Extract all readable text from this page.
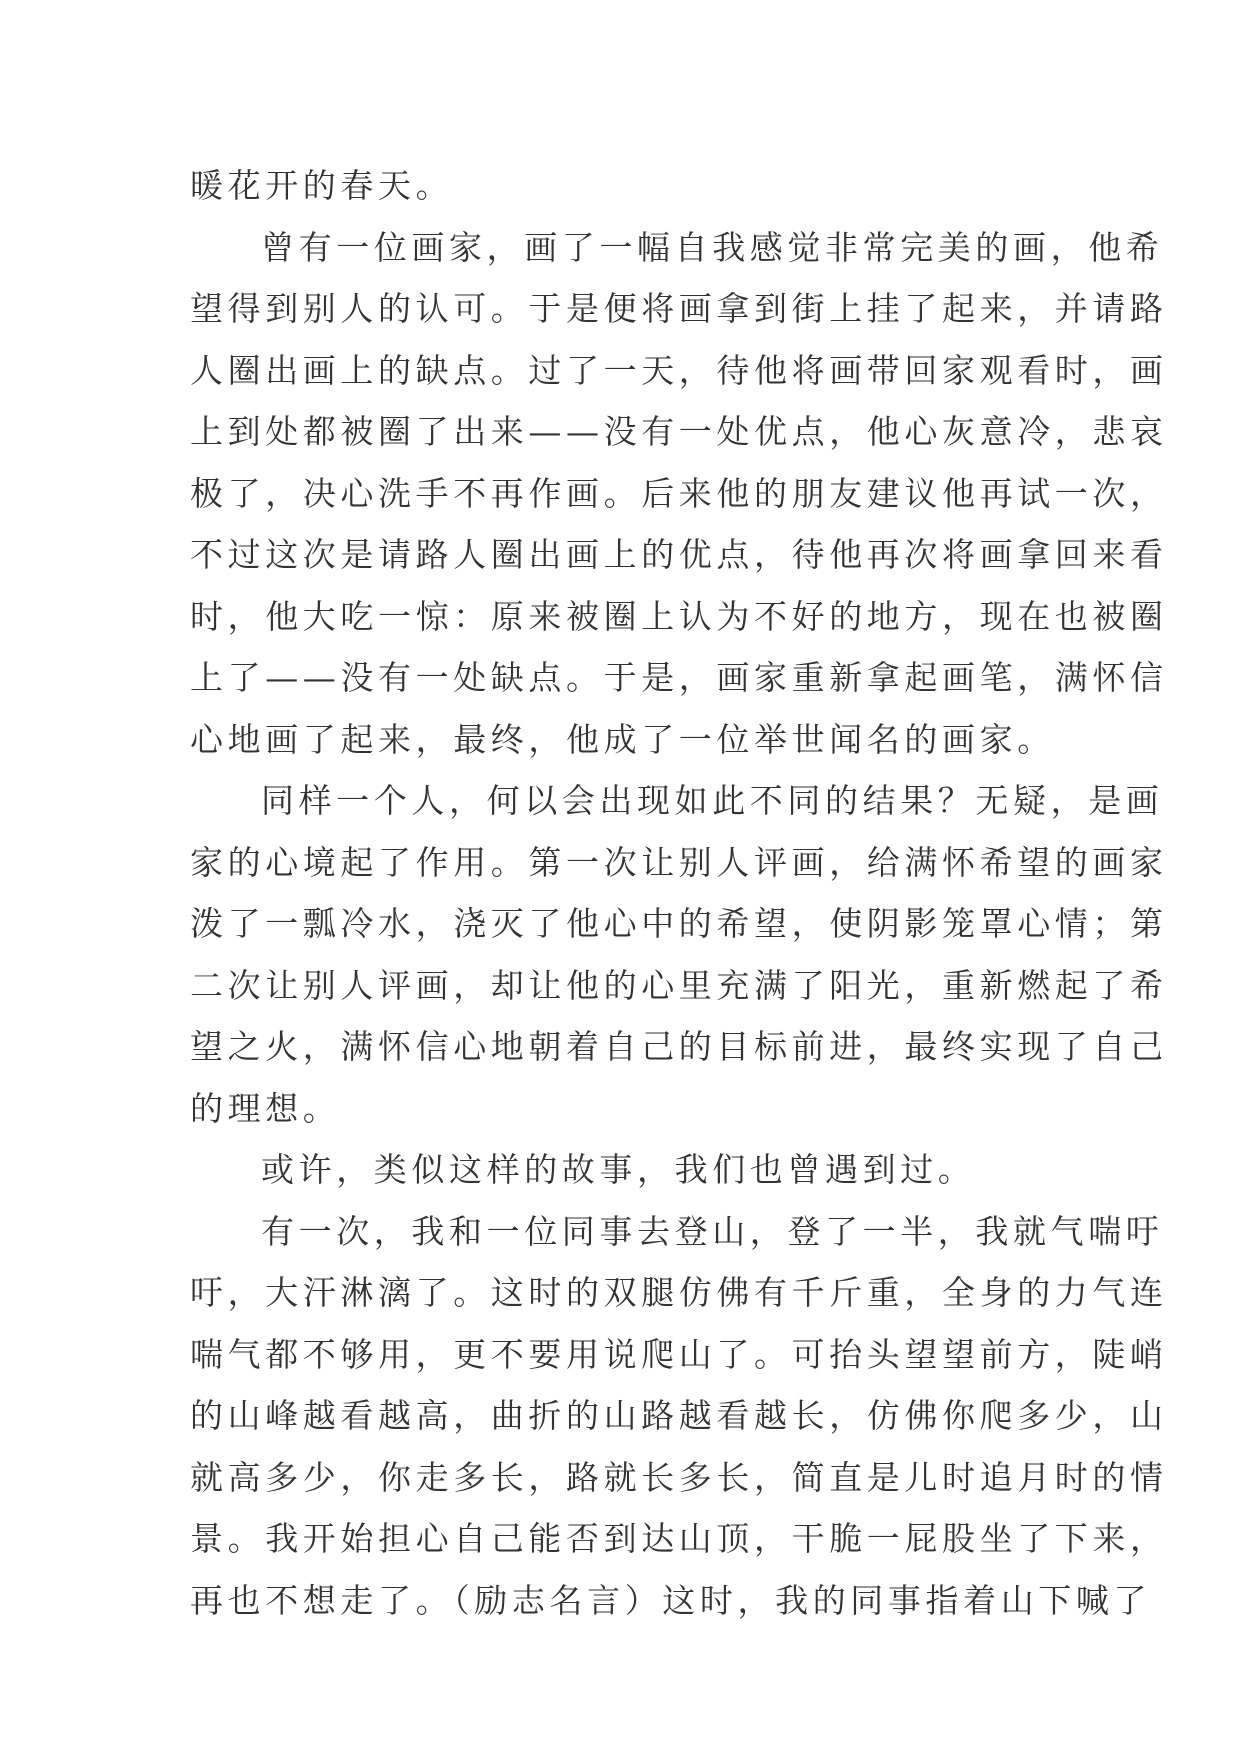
暖花开的春天。
曾有一位画家，画了一幅自我感觉非常完美的画，他希
望得到别人的认可。于是便将画拿到街上挂了起来，并请路
人圈出画上的缺点。过了一天，待他将画带回家观看时，画
上到处都被圈了出来——没有一处优点，他心灰意冷，悲哀
极了，决心洗手不再作画。后来他的朋友建议他再试一次，
不过这次是请路人圈出画上的优点，待他再次将画拿回来看
时，他大吃一惊：原来被圈上认为不好的地方，现在也被圈
上了——没有一处缺点。于是，画家重新拿起画笔，满怀信
心地画了起来，最终，他成了一位举世闻名的画家。
同样一个人，何以会出现如此不同的结果？无疑，是画
家的心境起了作用。第一次让别人评画，给满怀希望的画家
泼了一瓢冷水，浇灭了他心中的希望，使阴影笼罩心情；第
二次让别人评画，却让他的心里充满了阳光，重新燃起了希
望之火，满怀信心地朝着自己的目标前进，最终实现了自己
的理想。
或许，类似这样的故事，我们也曾遇到过。
有一次，我和一位同事去登山，登了一半，我就气喘吁
吁，大汗淋漓了。这时的双腿仿佛有千斤重，全身的力气连
喘气都不够用，更不要用说爬山了。可抬头望望前方，陡峭
的山峰越看越高，曲折的山路越看越长，仿佛你爬多少，山
就高多少，你走多长，路就长多长，简直是儿时追月时的情
景。我开始担心自己能否到达山顶，干脆一屁股坐了下来，
再也不想走了。（励志名言）这时，我的同事指着山下喊了
